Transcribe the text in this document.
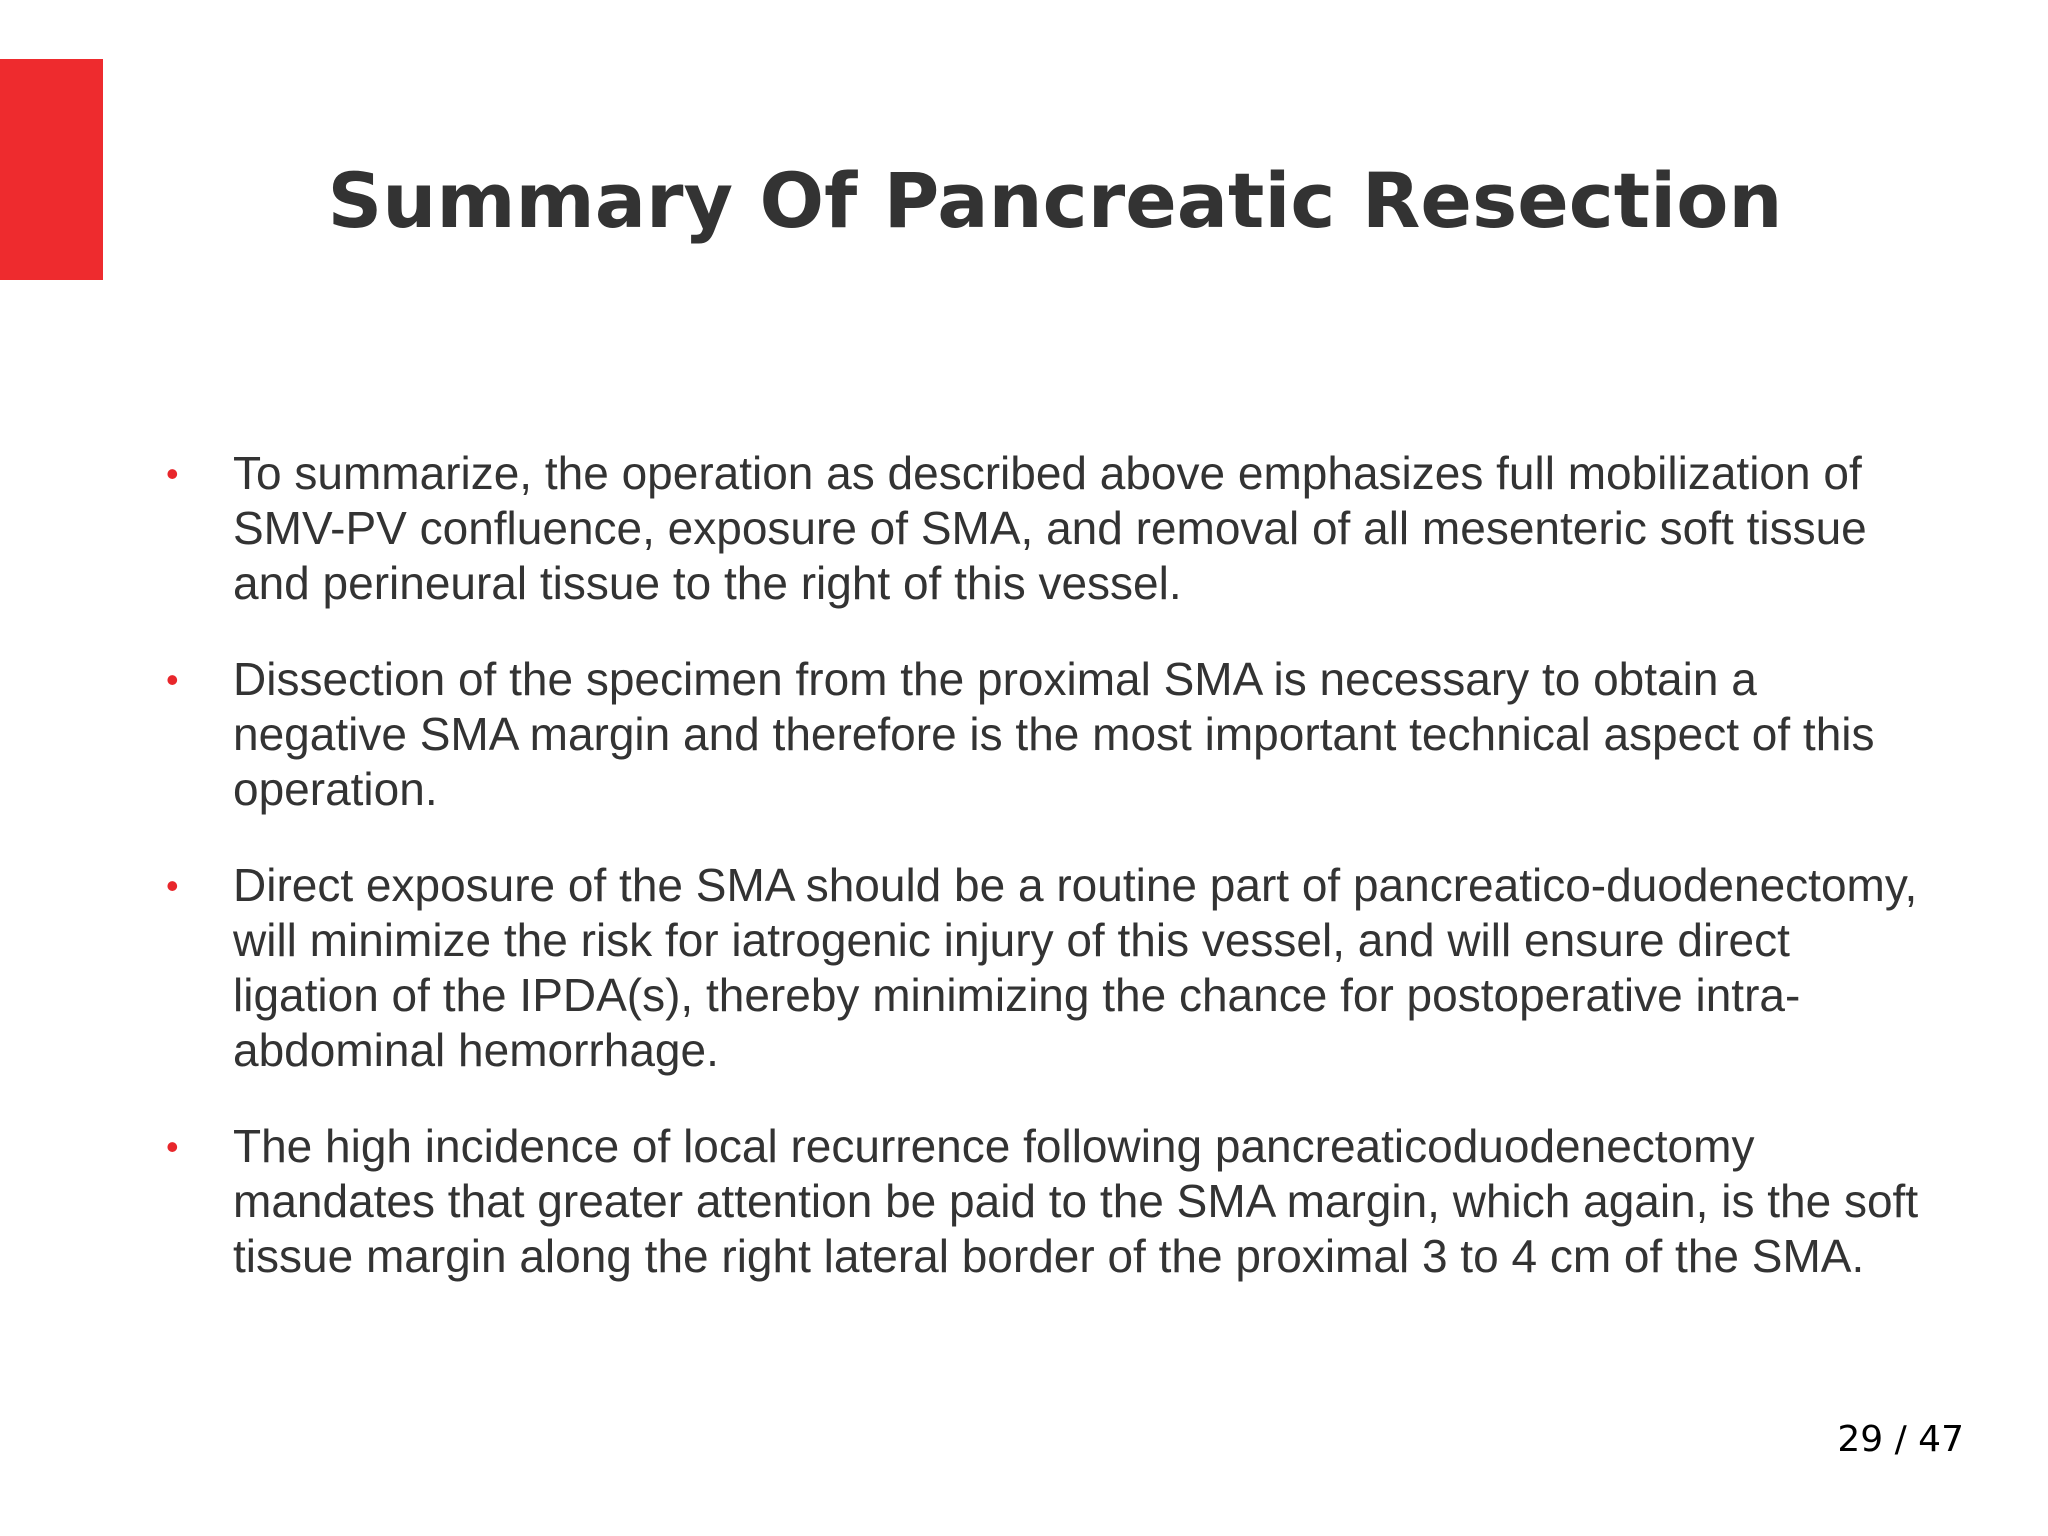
Summary Of Pancreatic Resection
• To summarize, the operation as described above emphasizes full mobilization of SMV-PV confluence, exposure of SMA, and removal of all mesenteric soft tissue and perineural tissue to the right of this vessel.
• Dissection of the specimen from the proximal SMA is necessary to obtain a negative SMA margin and therefore is the most important technical aspect of this operation.
• Direct exposure of the SMA should be a routine part of pancreatico-duodenectomy, will minimize the risk for iatrogenic injury of this vessel, and will ensure direct ligation of the IPDA(s), thereby minimizing the chance for postoperative intra-abdominal hemorrhage.
• The high incidence of local recurrence following pancreaticoduodenectomy mandates that greater attention be paid to the SMA margin, which again, is the soft tissue margin along the right lateral border of the proximal 3 to 4 cm of the SMA.
29 / 47
